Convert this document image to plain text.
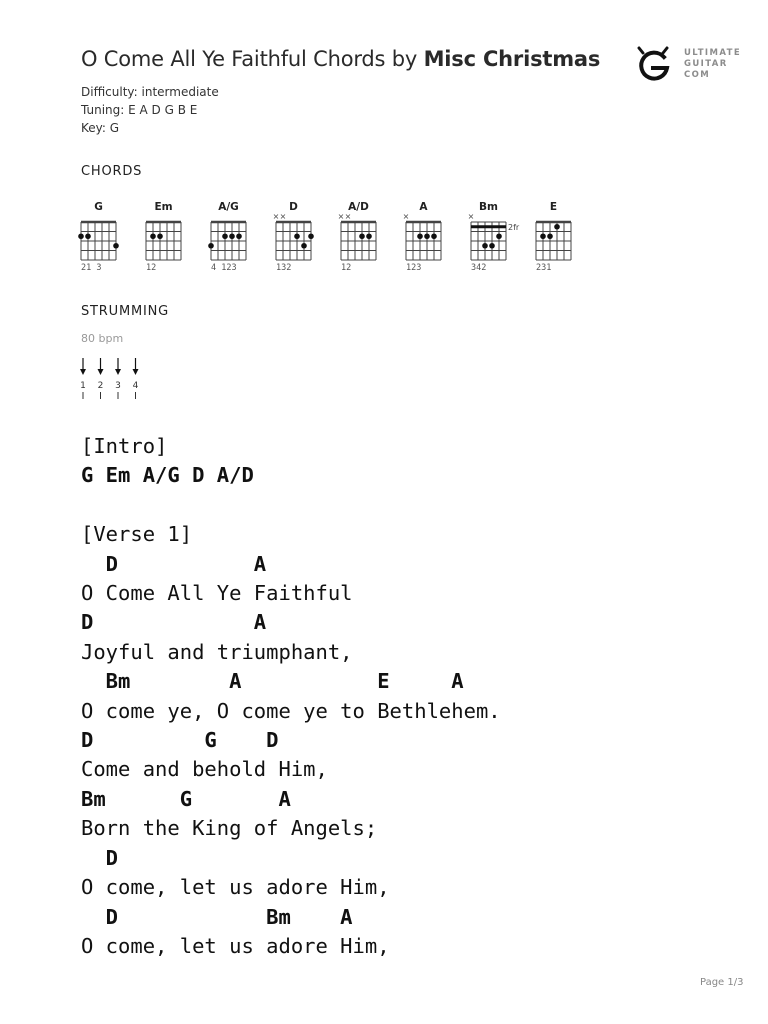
O Come All Ye Faithful Chords by Misc Christmas	ULTIMATE
GUITAR
COM
Difficulty: intermediate
Tuning: E A D G B E
Key: G
CHORDS
G
21 3
Em
12
A/G
4 123
D
× ×
132
A/D
× ×
12
A
×
123
Bm
×
2fr
342
E
231
STRUMMING
80 bpm
1 2 3 4
[Intro]
G Em A/G D A/D

[Verse 1]
D           A
O Come All Ye Faithful
D             A
Joyful and triumphant,
Bm        A           E     A
O come ye, O come ye to Bethlehem.
D         G    D
Come and behold Him,
Bm      G       A
Born the King of Angels;
D
O come, let us adore Him,
D            Bm    A
O come, let us adore Him,
Page 1/3
